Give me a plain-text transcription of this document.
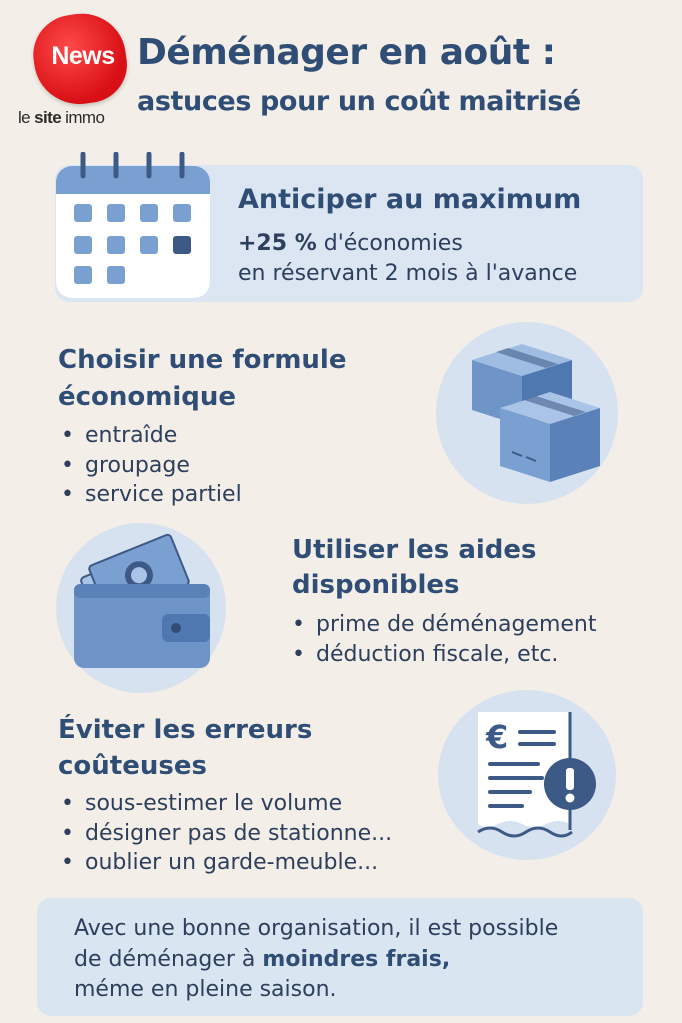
News
le site immo
Déménager en août :
astuces pour un coût maitrisé
Anticiper au maximum
+25 % d'économies
en réservant 2 mois à l'avance
Choisir une formule
économique
• entraîde
• groupage
• service partiel
Utiliser les aides
disponibles
• prime de déménagement
• déduction fiscale, etc.
Éviter les erreurs
coûteuses
• sous-estimer le volume
• désigner pas de stationne...
• oublier un garde-meuble...
€
Avec une bonne organisation, il est possible
de déménager à moindres frais,
méme en pleine saison.
